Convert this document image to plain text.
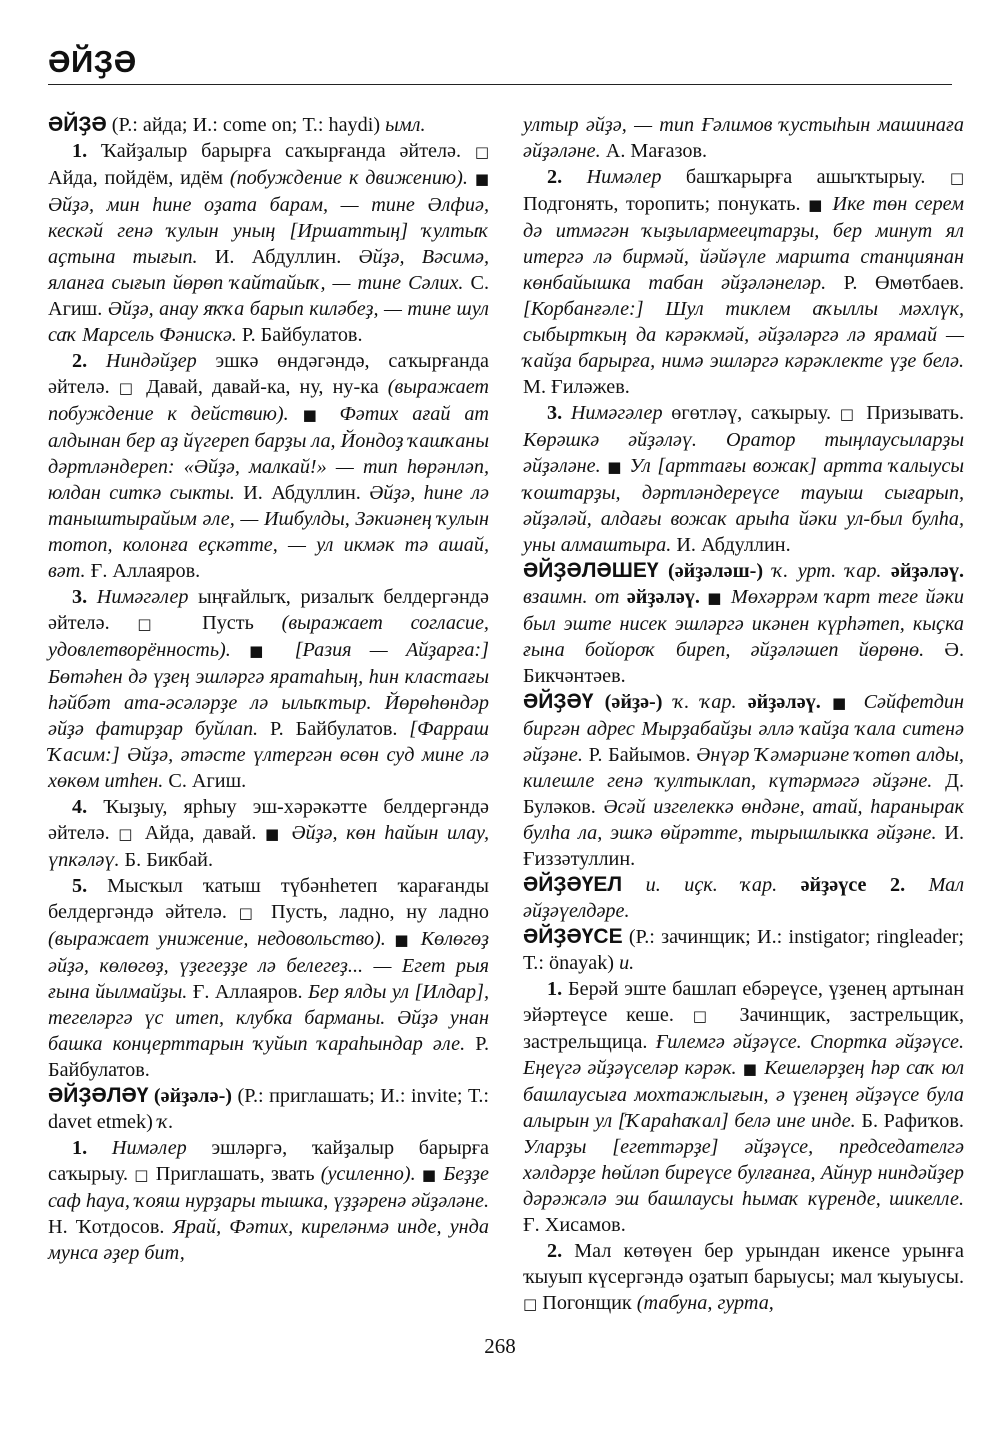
ӘЙҘӘ

ӘЙҘӘ (Р.: айда; И.: come on; Т.: haydi) ымл.

1. Ҡайҙалыр барырға саҡырғанда әйтелә. □ Айда, пойдём, идём (побуждение к движению). ■ Әйҙә, мин һине оҙата барам, — тине Әлфиә, кескәй генә ҡулын уның [Иршаттың] ҡултыҡ аҫтына тығып. И. Абдуллин. Әйҙә, Вәсимә, яланға сығып йөрөп ҡайтайыҡ, — тине Сәлих. С. Агиш. Әйҙә, анау яҡҡа барып киләбеҙ, — тине шул саҡ Марсель Фәнискә. Р. Байбулатов.

2. Ниндәйҙер эшкә өндәгәндә, саҡырғанда әйтелә. □ Давай, давай-ка, ну, ну-ка (выражает побуждение к действию). ■ Фәтих ағай ат алдынан бер аҙ йүгереп барҙы ла, Йондоҙ ҡашҡаны дәртләндереп: «Әйҙә, малкай!» — тип һөрәнләп, юлдан ситкә сыкты. И. Абдуллин. Әйҙә, һине лә таныштырайым әле, — Ишбулды, Зәкиәнең ҡулын тотоп, колонға еҫкәтте, — ул икмәк тә ашай, вәт. Ғ. Аллаяров.

3. Нимәгәлер ыңғайлыҡ, ризалыҡ белдергәндә әйтелә. □ Пусть (выражает согласие, удовлетворённость). ■ [Разия — Айҙарға:] Бөтәһен дә үҙең эшләргә яратаһың, һин кластағы һәйбәт ата-әсәләрҙе лә ылыҡтыр. Йөрөһөндәр әйҙә фатирҙар буйлап. Р. Байбулатов. [Фарраш Ҡасим:] Әйҙә, әтәсте үлтергән өсөн суд мине лә хөкөм итһен. С. Агиш.

4. Ҡыҙыу, ярһыу эш-хәрәкәтте белдергәндә әйтелә. □ Айда, давай. ■ Әйҙә, көн һайын илау, үпкәләү. Б. Бикбай.

5. Мысҡыл ҡатыш түбәнһетеп ҡарағанды белдергәндә әйтелә. □ Пусть, ладно, ну ладно (выражает унижение, недовольство). ■ Көлөгөҙ әйҙә, көлөгөҙ, үҙегеҙҙе лә белегеҙ... — Егет рыя ғына йылмайҙы. Ғ. Аллаяров. Бер ялды ул [Илдар], тегеләргә үс итеп, клубка барманы. Әйҙә унан башка концерттарын ҡуйып ҡараһындар әле. Р. Байбулатов.

ӘЙҘӘЛӘҮ (әйҙәлә-) (Р.: приглашать; И.: invite; Т.: davet etmek) ҡ.

1. Нимәлер эшләргә, ҡайҙалыр барырға саҡырыу. □ Приглашать, звать (усиленно). ■ Беҙҙе саф һауа, ҡояш нурҙары тышка, үҙҙәренә әйҙәләне. Н. Ҡотдосов. Ярай, Фәтих, киреләнмә инде, унда мунса әҙер бит,

ултыр әйҙә, — тип Ғәлимов ҡустыһын машинаға әйҙәләне. А. Мағазов.

2. Нимәлер башҡарырға ашыҡтырыу. □ Подгонять, торопить; понукать. ■ Ике төн серем дә итмәгән ҡыҙылармеецтарҙы, бер минут ял итергә лә бирмәй, йәйәүле маршта станциянан көнбайышка табан әйҙәләнеләр. Р. Өмөтбаев. [Корбанғәле:] Шул тиклем аҡыллы мәхлүк, сыбырткың да кәрәкмәй, әйҙәләргә лә ярамай — ҡайҙа барырға, нимә эшләргә кәрәклекте үҙе белә. М. Ғиләжев.

3. Нимәгәлер өгөтләү, саҡырыу. □ Призывать. Көрәшкә әйҙәләү. Оратор тыңлаусыларҙы әйҙәләне. ■ Ул [арттағы вожак] артта ҡалыусы ҡоштарҙы, дәртләндереүсе тауыш сығарып, әйҙәләй, алдағы вожак арыһа йәки ул-был булһа, уны алмаштыра. И. Абдуллин.

ӘЙҘӘЛӘШЕҮ (әйҙәләш-) ҡ. урт. ҡар. әйҙәләү. взаимн. от әйҙәләү. ■ Мөхәррәм ҡарт теге йәки был эште нисек эшләргә икәнен күрһәтеп, кыҫка ғына бойороҡ биреп, әйҙәләшеп йөрөнө. Ә. Бикчәнтәев.

ӘЙҘӘҮ (әйҙә-) ҡ. ҡар. әйҙәләү. ■ Сәйфетдин биргән адрес Мырҙабайҙы әллә ҡайҙа ҡала ситенә әйҙәне. Р. Байымов. Әнүәр Ҡәмәриәне ҡотөп алды, килешле генә ҡултыклап, күтәрмәгә әйҙәне. Д. Буләков. Әсәй изгелеккә өндәне, атай, һаранырак булһа ла, эшкә өйрәтте, тырышлыкка әйҙәне. И. Ғиззәтуллин.

ӘЙҘӘҮЕЛ и. иҫк. ҡар. әйҙәүсе 2. Мал әйҙәүелдәре.

ӘЙҘӘҮСЕ (Р.: зачинщик; И.: instigator; ringleader; Т.: önayak) и.

1. Берәй эште башлап ебәреүсе, үҙенең артынан эйәртеүсе кеше. □ Зачинщик, застрельщик, застрельщица. Ғилемгә әйҙәүсе. Спортка әйҙәүсе. Еңеүгә әйҙәүселәр кәрәк. ■ Кешеләрҙең һәр саҡ юл башлаусыға мохтажлығын, ә үҙенең әйҙәүсе була алырын ул [Ҡараһаҡал] белә ине инде. Б. Рафиҡов. Уларҙы [егеттәрҙе] әйҙәүсе, председателгә хәлдәрҙе һөйләп биреүсе булғанға, Айнур ниндәйҙер дәрәжәлә эш башлаусы һымаҡ күренде, шикелле. Ғ. Хисамов.

2. Мал көтөүен бер урындан икенсе урынға ҡыуып күсергәндә оҙатып барыусы; мал ҡыуыусы. □ Погонщик (табуна, гурта,

268
